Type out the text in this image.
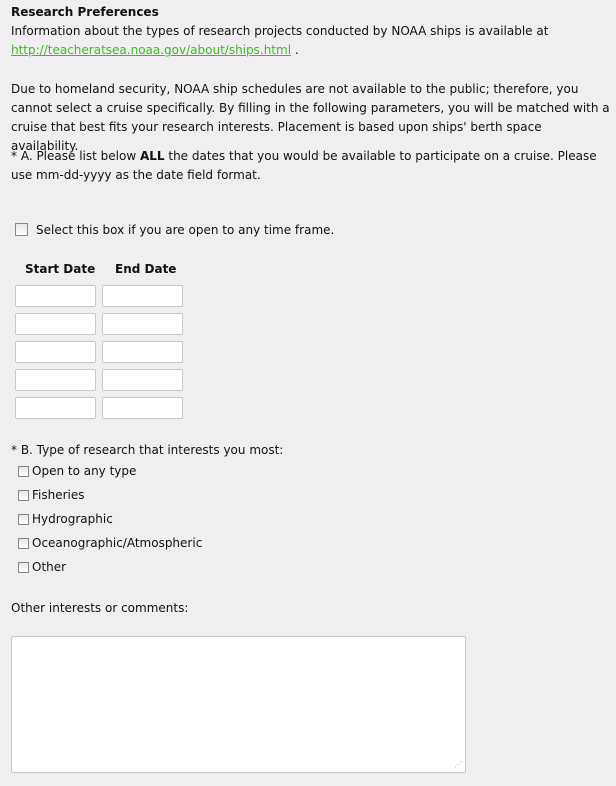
Research Preferences

Information about the types of research projects conducted by NOAA ships is available at
http://teacheratsea.noaa.gov/about/ships.html .

Due to homeland security, NOAA ship schedules are not available to the public; therefore, you cannot select a cruise specifically. By filling in the following parameters, you will be matched with a cruise that best fits your research interests. Placement is based upon ships' berth space availability.

* A. Please list below ALL the dates that you would be available to participate on a cruise. Please use mm-dd-yyyy as the date field format.

Select this box if you are open to any time frame.
Start Date End Date

* B. Type of research that interests you most:

Open to any type
Fisheries
Hydrographic
Oceanographic/Atmospheric
Other

Other interests or comments:

⋰
